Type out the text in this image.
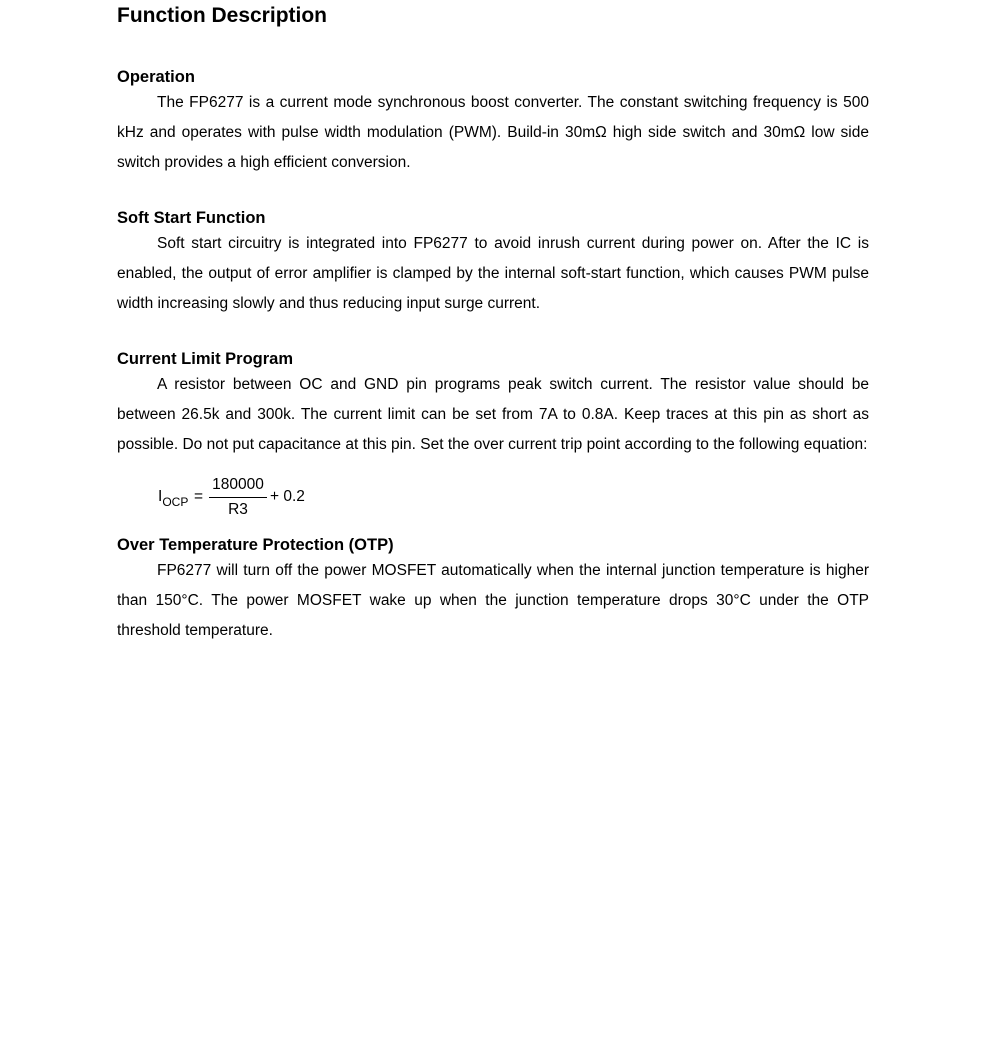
Function Description
Operation

The FP6277 is a current mode synchronous boost converter. The constant switching frequency is 500 kHz and operates with pulse width modulation (PWM). Build-in 30mΩ high side switch and 30mΩ low side switch provides a high efficient conversion.

Soft Start Function

Soft start circuitry is integrated into FP6277 to avoid inrush current during power on. After the IC is enabled, the output of error amplifier is clamped by the internal soft-start function, which causes PWM pulse width increasing slowly and thus reducing input surge current.

Current Limit Program

A resistor between OC and GND pin programs peak switch current. The resistor value should be between 26.5k and 300k. The current limit can be set from 7A to 0.8A. Keep traces at this pin as short as possible. Do not put capacitance at this pin. Set the over current trip point according to the following equation:

$I_{OCP}$ =
180000
R3
+ 0.2
Over Temperature Protection (OTP)

FP6277 will turn off the power MOSFET automatically when the internal junction temperature is higher than 150°C. The power MOSFET wake up when the junction temperature drops 30°C under the OTP threshold temperature.
